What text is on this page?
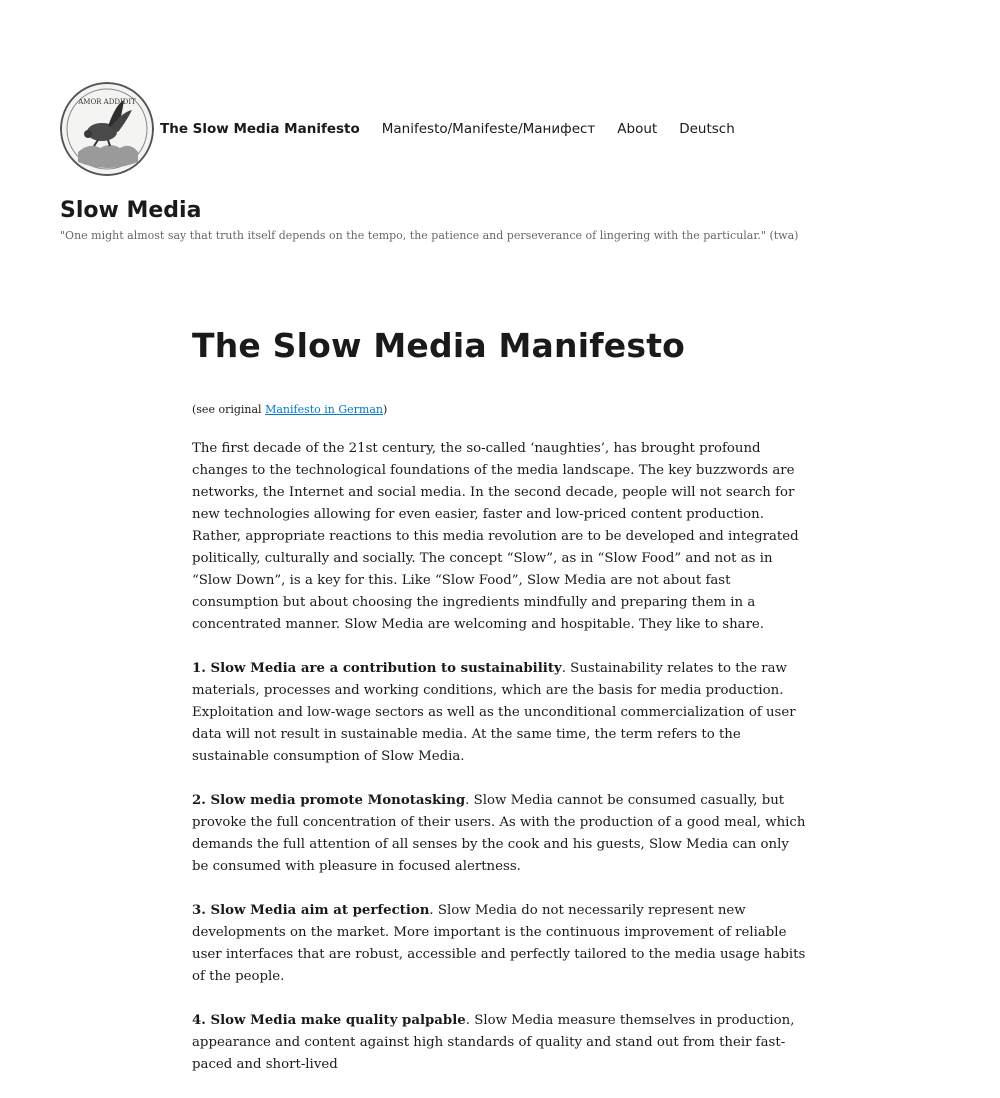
AMOR ADDIDIT
The Slow Media Manifesto Manifesto/Manifeste/Манифест About Deutsch
Slow Media

"One might almost say that truth itself depends on the tempo, the patience and perseverance of lingering with the particular." (twa)

The Slow Media Manifesto

(see original Manifesto in German)

The first decade of the 21st century, the so-called ‘naughties’, has brought profound changes to the technological foundations of the media landscape. The key buzzwords are networks, the Internet and social media. In the second decade, people will not search for new technologies allowing for even easier, faster and low-priced content production. Rather, appropriate reactions to this media revolution are to be developed and integrated politically, culturally and socially. The concept “Slow”, as in “Slow Food” and not as in “Slow Down”, is a key for this. Like “Slow Food”, Slow Media are not about fast consumption but about choosing the ingredients mindfully and preparing them in a concentrated manner. Slow Media are welcoming and hospitable. They like to share.

1. Slow Media are a contribution to sustainability. Sustainability relates to the raw materials, processes and working conditions, which are the basis for media production. Exploitation and low-wage sectors as well as the unconditional commercialization of user data will not result in sustainable media. At the same time, the term refers to the sustainable consumption of Slow Media.

2. Slow media promote Monotasking. Slow Media cannot be consumed casually, but provoke the full concentration of their users. As with the production of a good meal, which demands the full attention of all senses by the cook and his guests, Slow Media can only be consumed with pleasure in focused alertness.

3. Slow Media aim at perfection. Slow Media do not necessarily represent new developments on the market. More important is the continuous improvement of reliable user interfaces that are robust, accessible and perfectly tailored to the media usage habits of the people.

4. Slow Media make quality palpable. Slow Media measure themselves in production, appearance and content against high standards of quality and stand out from their fast-paced and short-lived
